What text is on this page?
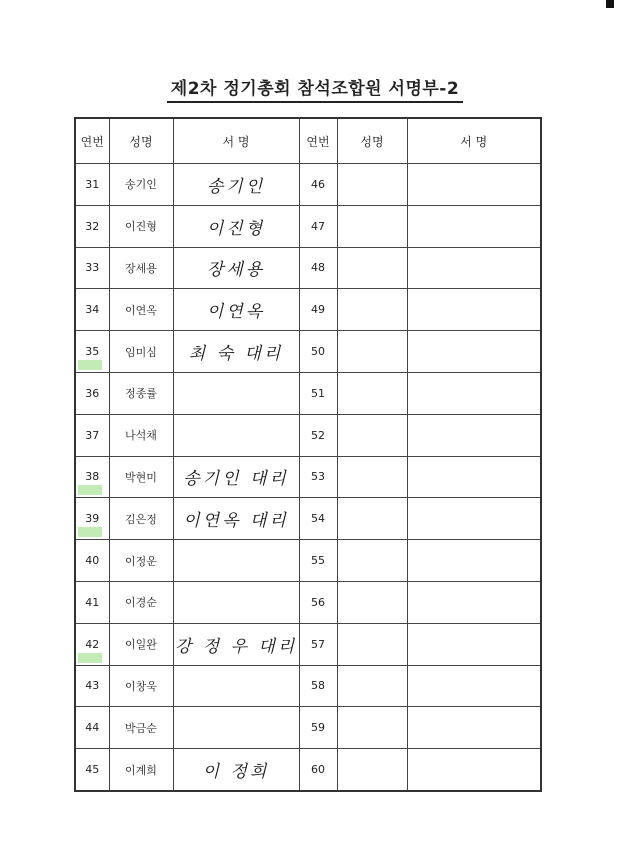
제2차 정기총회 참석조합원 서명부-2
연번	성명	서 명	연번	성명	서 명
31	송기인	송기인	46		
32	이진형	이진형	47		
33	장세용	장세용	48		
34	이연옥	이연옥	49		
35	임미심	최 숙 대리	50		
36	정종률		51		
37	나석채		52		
38	박현미	송기인 대리	53		
39	김은정	이연옥 대리	54		
40	이정운		55		
41	이경순		56		
42	이일완	강 정 우 대리	57		
43	이창욱		58		
44	박금순		59		
45	이계희	이 정희	60		
